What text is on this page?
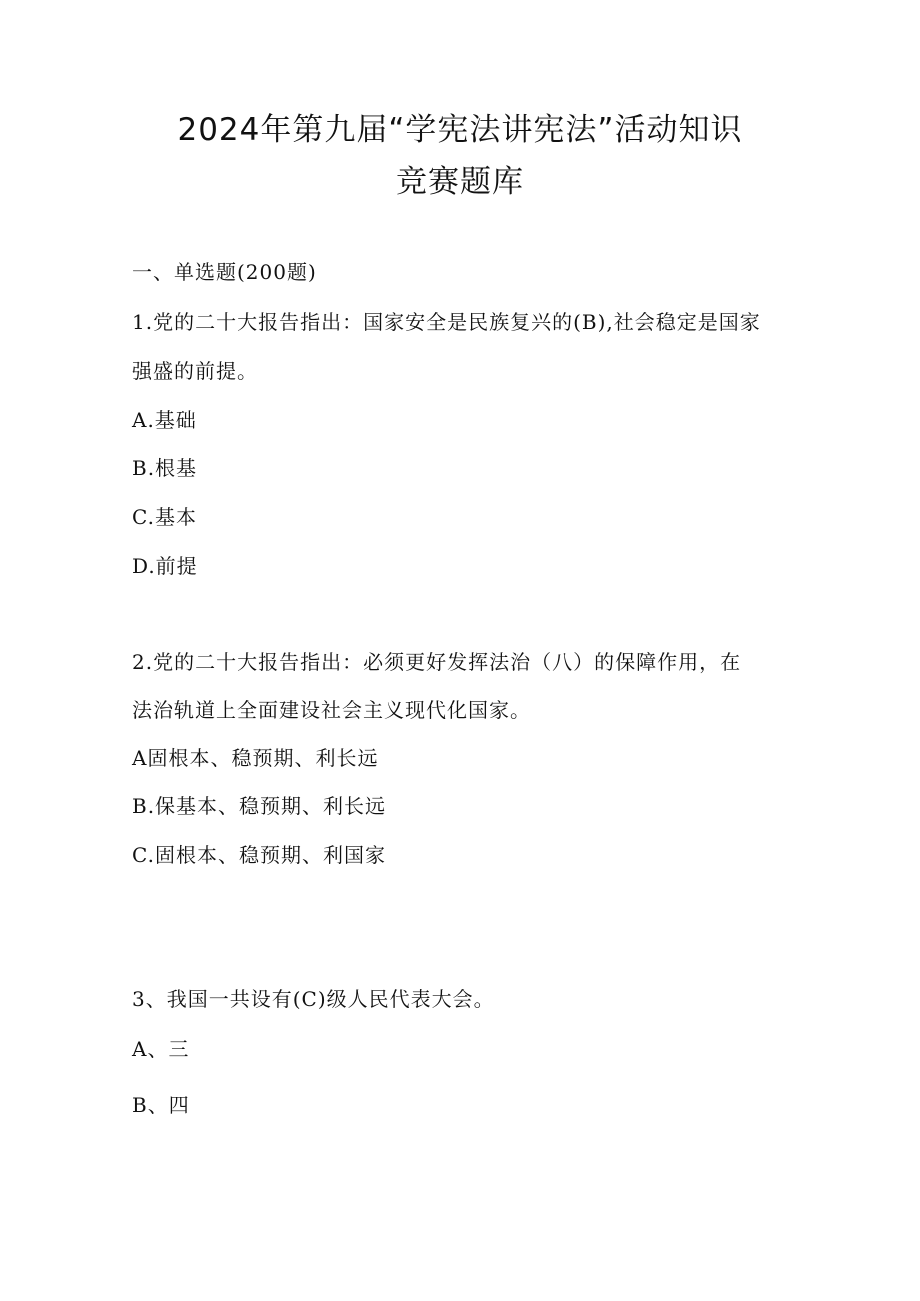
2024年第九届“学宪法讲宪法”活动知识
竞赛题库
一、单选题(200题)
1.党的二十大报告指出：国家安全是民族复兴的(B),社会稳定是国家
强盛的前提。
A.基础
B.根基
C.基本
D.前提
2.党的二十大报告指出：必须更好发挥法治（八）的保障作用，在
法治轨道上全面建设社会主义现代化国家。
A固根本、稳预期、利长远
B.保基本、稳预期、利长远
C.固根本、稳预期、利国家
3、我国一共设有(C)级人民代表大会。
A、三
B、四
